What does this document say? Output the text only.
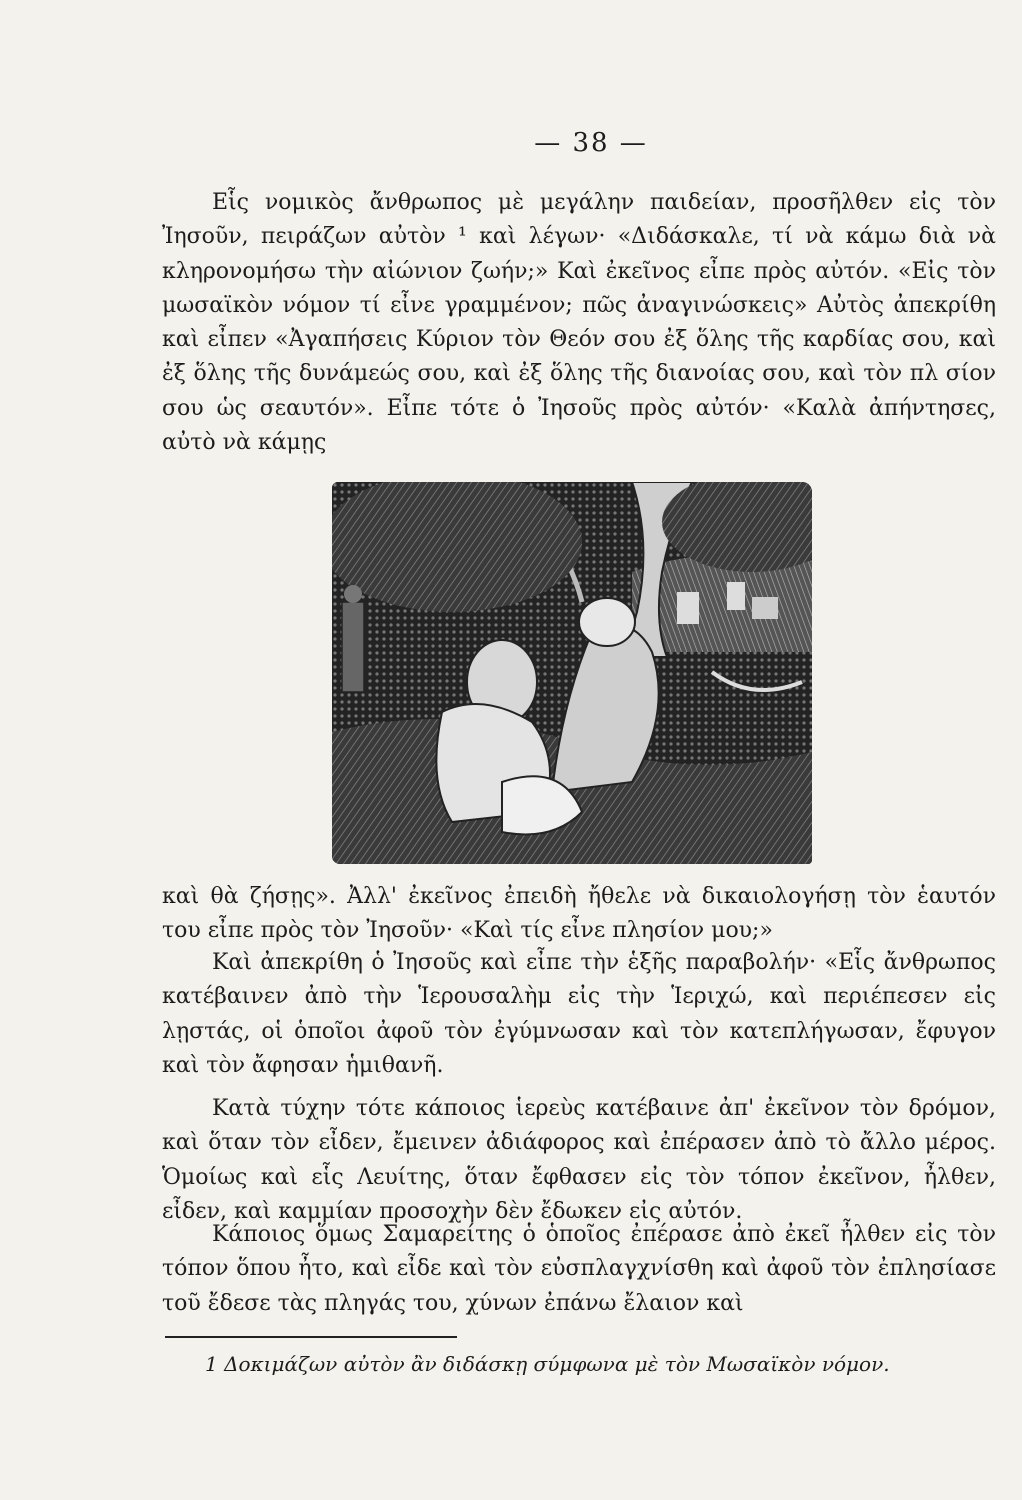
— 38 —

Εἷς νομικὸς ἄνθρωπος μὲ μεγάλην παιδείαν, προσῆλθεν εἰς τὸν Ἰησοῦν, πειράζων αὐτὸν ¹ καὶ λέγων· «Διδάσκαλε, τί νὰ κάμω διὰ νὰ κληρονομήσω τὴν αἰώνιον ζωήν;» Καὶ ἐκεῖνος εἶπε πρὸς αὐτόν. «Εἰς τὸν μωσαϊκὸν νόμον τί εἶνε γραμμένον; πῶς ἀναγινώσκεις» Αὐτὸς ἀπεκρίθη καὶ εἶπεν «Ἀγαπήσεις Κύριον τὸν Θεόν σου ἐξ ὅλης τῆς καρδίας σου, καὶ ἐξ ὅλης τῆς δυνάμεώς σου, καὶ ἐξ ὅλης τῆς διανοίας σου, καὶ τὸν πλ σίον σου ὡς σεαυτόν». Εἶπε τότε ὁ Ἰησοῦς πρὸς αὐτόν· «Καλὰ ἀπήντησες, αὐτὸ νὰ κάμῃς

καὶ θὰ ζήσῃς». Ἀλλ' ἐκεῖνος ἐπειδὴ ἤθελε νὰ δικαιολογήσῃ τὸν ἑαυτόν του εἶπε πρὸς τὸν Ἰησοῦν· «Καὶ τίς εἶνε πλησίον μου;»

Καὶ ἀπεκρίθη ὁ Ἰησοῦς καὶ εἶπε τὴν ἑξῆς παραβολήν· «Εἷς ἄνθρωπος κατέβαινεν ἀπὸ τὴν Ἱερουσαλὴμ εἰς τὴν Ἱεριχώ, καὶ περιέπεσεν εἰς λῃστάς, οἱ ὁποῖοι ἀφοῦ τὸν ἐγύμνωσαν καὶ τὸν κατεπλήγωσαν, ἔφυγον καὶ τὸν ἄφησαν ἡμιθανῆ.

Κατὰ τύχην τότε κάποιος ἱερεὺς κατέβαινε ἀπ' ἐκεῖνον τὸν δρόμον, καὶ ὅταν τὸν εἶδεν, ἔμεινεν ἀδιάφορος καὶ ἐπέρασεν ἀπὸ τὸ ἄλλο μέρος. Ὁμοίως καὶ εἷς Λευίτης, ὅταν ἔφθασεν εἰς τὸν τόπον ἐκεῖνον, ἦλθεν, εἶδεν, καὶ καμμίαν προσοχὴν δὲν ἔδωκεν εἰς αὐτόν.

Κάποιος ὅμως Σαμαρείτης ὁ ὁποῖος ἐπέρασε ἀπὸ ἐκεῖ ἦλθεν εἰς τὸν τόπον ὅπου ἦτο, καὶ εἶδε καὶ τὸν εὐσπλαγχνίσθη καὶ ἀφοῦ τὸν ἐπλησίασε τοῦ ἔδεσε τὰς πληγάς του, χύνων ἐπάνω ἔλαιον καὶ

1 Δοκιμάζων αὐτὸν ἂν διδάσκῃ σύμφωνα μὲ τὸν Μωσαϊκὸν νόμον.
